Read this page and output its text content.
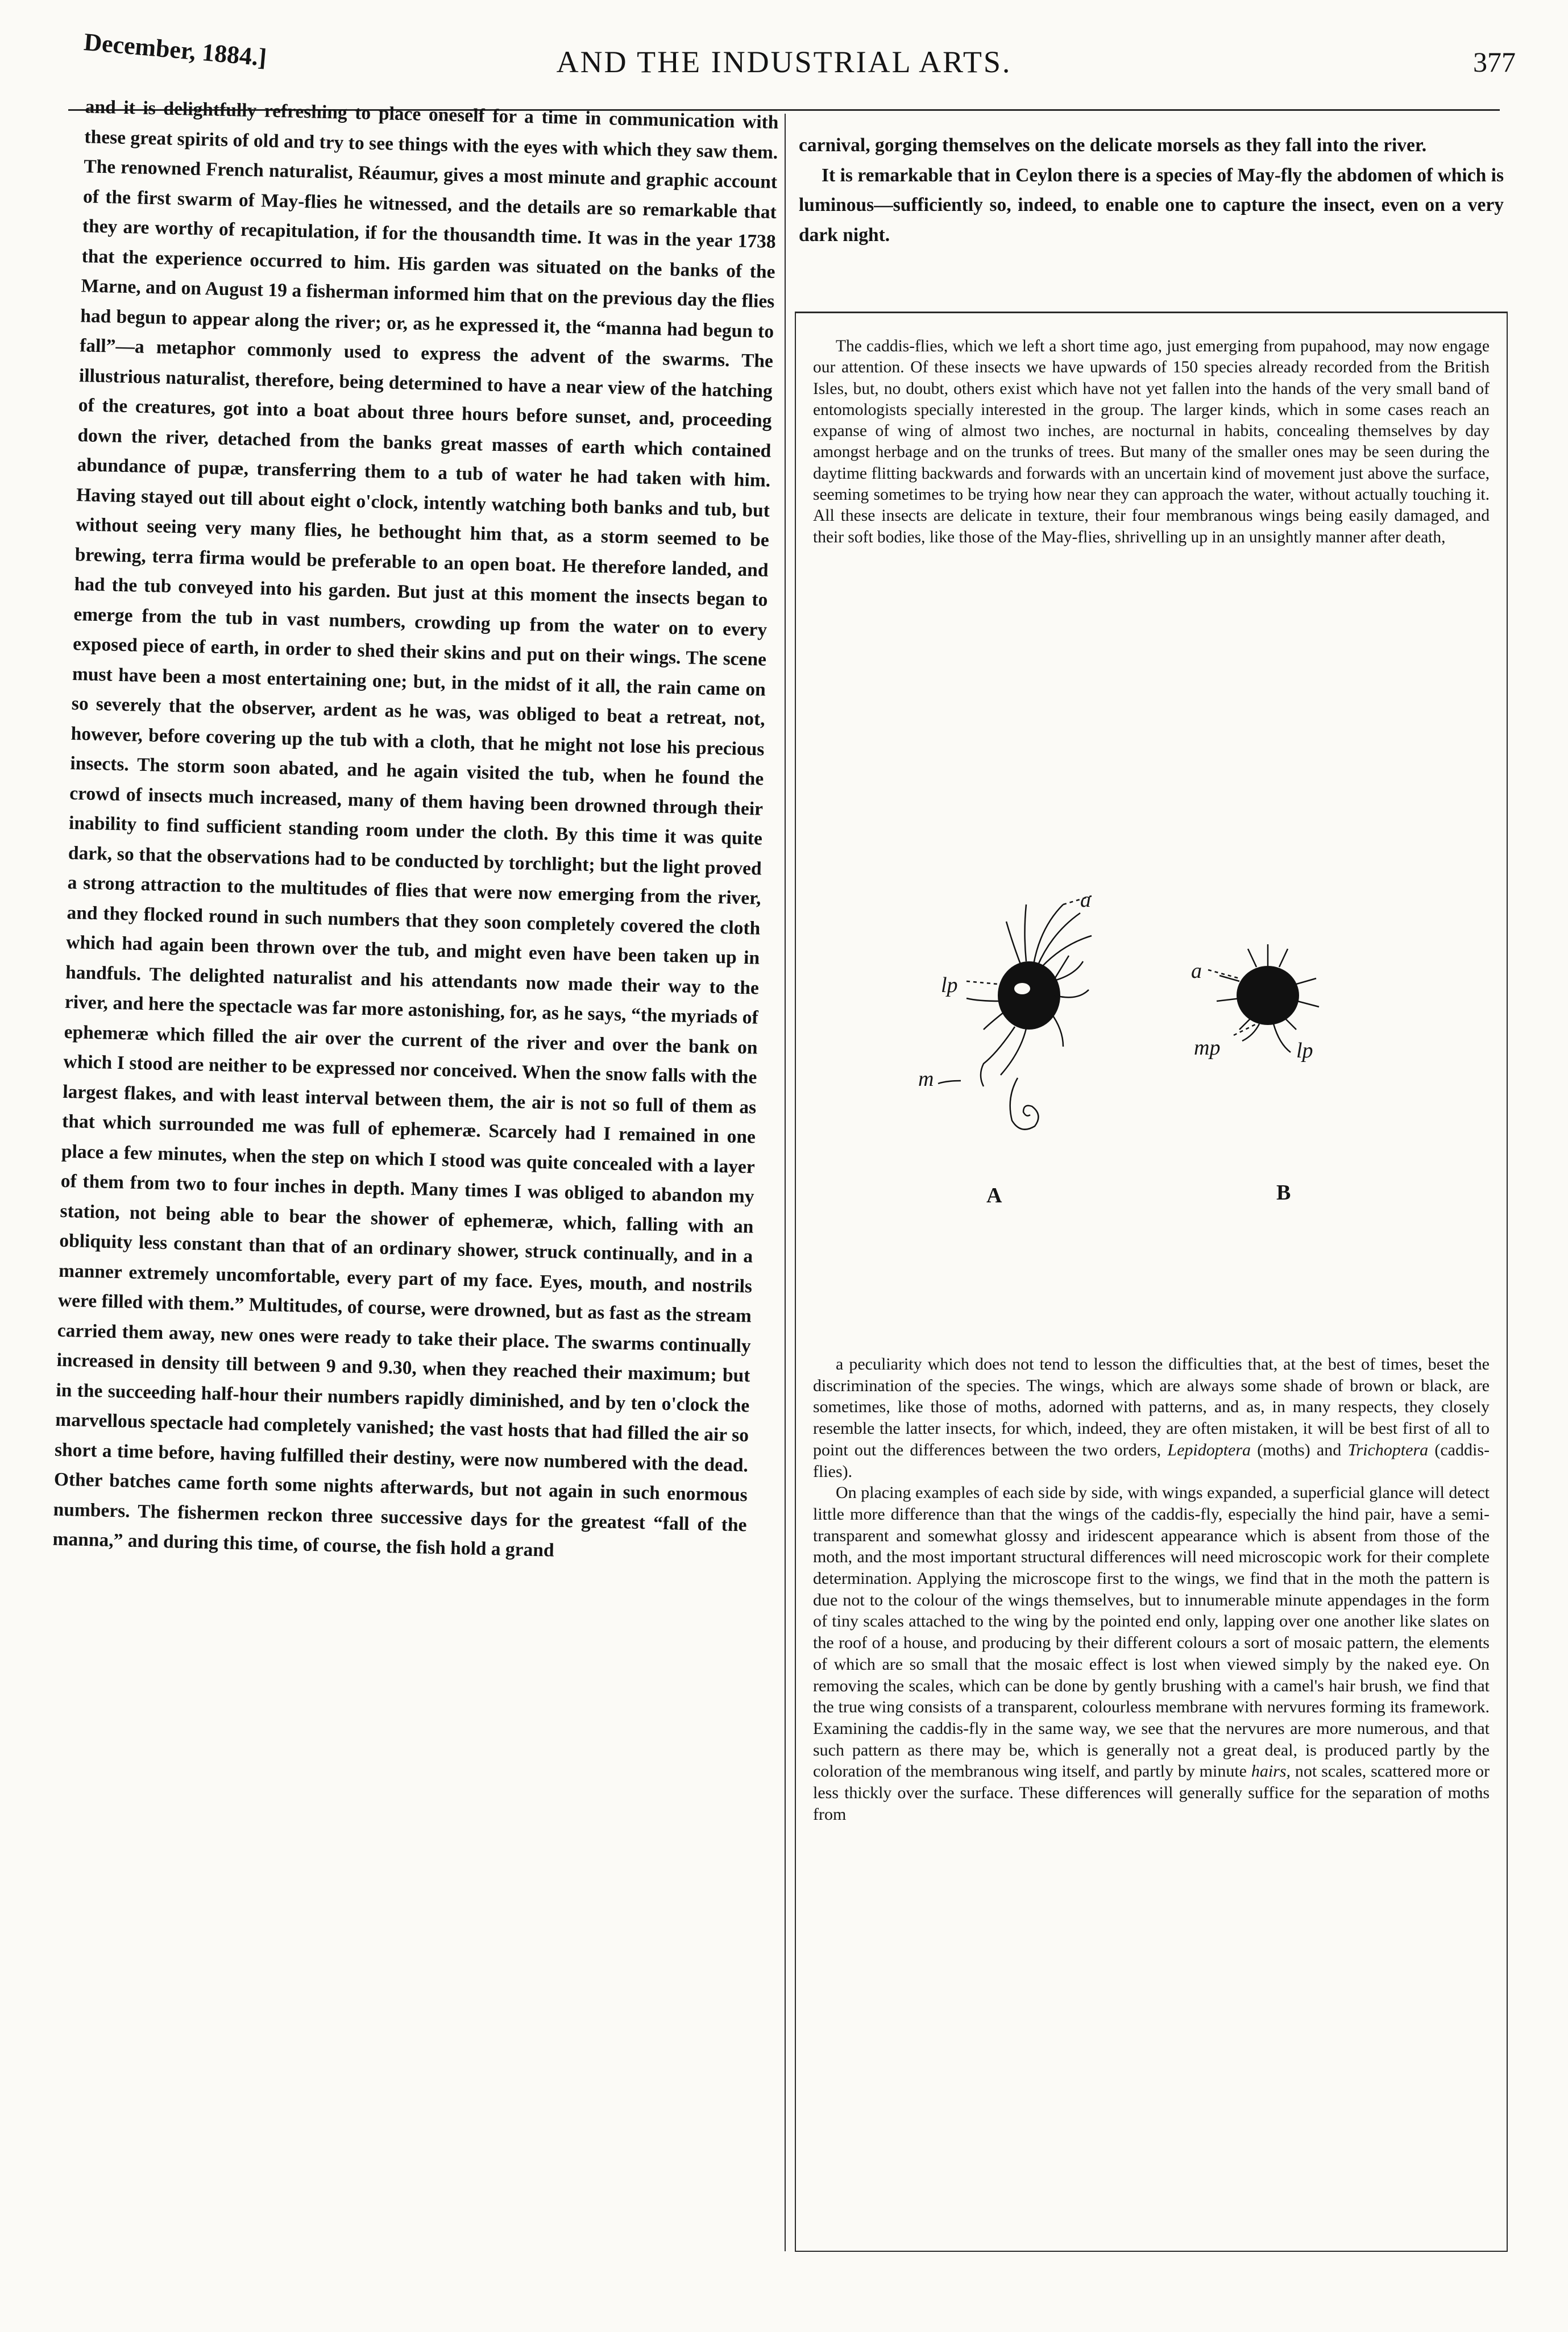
December, 1884.]	AND THE INDUSTRIAL ARTS.	377

and it is delightfully refreshing to place oneself for a time in communication with these great spirits of old and try to see things with the eyes with which they saw them. The renowned French naturalist, Réaumur, gives a most minute and graphic account of the first swarm of May-flies he witnessed, and the details are so remarkable that they are worthy of recapitulation, if for the thousandth time. It was in the year 1738 that the experience occurred to him. His garden was situated on the banks of the Marne, and on August 19 a fisherman informed him that on the previous day the flies had begun to appear along the river; or, as he expressed it, the “manna had begun to fall”—a metaphor commonly used to express the advent of the swarms. The illustrious naturalist, therefore, being determined to have a near view of the hatching of the creatures, got into a boat about three hours before sunset, and, proceeding down the river, detached from the banks great masses of earth which contained abundance of pupæ, transferring them to a tub of water he had taken with him. Having stayed out till about eight o'clock, intently watching both banks and tub, but without seeing very many flies, he bethought him that, as a storm seemed to be brewing, terra firma would be preferable to an open boat. He therefore landed, and had the tub conveyed into his garden. But just at this moment the insects began to emerge from the tub in vast numbers, crowding up from the water on to every exposed piece of earth, in order to shed their skins and put on their wings. The scene must have been a most entertaining one; but, in the midst of it all, the rain came on so severely that the observer, ardent as he was, was obliged to beat a retreat, not, however, before covering up the tub with a cloth, that he might not lose his precious insects. The storm soon abated, and he again visited the tub, when he found the crowd of insects much increased, many of them having been drowned through their inability to find sufficient standing room under the cloth. By this time it was quite dark, so that the observations had to be conducted by torchlight; but the light proved a strong attraction to the multitudes of flies that were now emerging from the river, and they flocked round in such numbers that they soon completely covered the cloth which had again been thrown over the tub, and might even have been taken up in handfuls. The delighted naturalist and his attendants now made their way to the river, and here the spectacle was far more astonishing, for, as he says, “the myriads of ephemeræ which filled the air over the current of the river and over the bank on which I stood are neither to be expressed nor conceived. When the snow falls with the largest flakes, and with least interval between them, the air is not so full of them as that which surrounded me was full of ephemeræ. Scarcely had I remained in one place a few minutes, when the step on which I stood was quite concealed with a layer of them from two to four inches in depth. Many times I was obliged to abandon my station, not being able to bear the shower of ephemeræ, which, falling with an obliquity less constant than that of an ordinary shower, struck continually, and in a manner extremely uncomfortable, every part of my face. Eyes, mouth, and nostrils were filled with them.” Multitudes, of course, were drowned, but as fast as the stream carried them away, new ones were ready to take their place. The swarms continually increased in density till between 9 and 9.30, when they reached their maximum; but in the succeeding half-hour their numbers rapidly diminished, and by ten o'clock the marvellous spectacle had completely vanished; the vast hosts that had filled the air so short a time before, having fulfilled their destiny, were now numbered with the dead. Other batches came forth some nights afterwards, but not again in such enormous numbers. The fishermen reckon three successive days for the greatest “fall of the manna,” and during this time, of course, the fish hold a grand

carnival, gorging themselves on the delicate morsels as they fall into the river.

It is remarkable that in Ceylon there is a species of May-fly the abdomen of which is luminous—sufficiently so, indeed, to enable one to capture the insect, even on a very dark night.

The caddis-flies, which we left a short time ago, just emerging from pupahood, may now engage our attention. Of these insects we have upwards of 150 species already recorded from the British Isles, but, no doubt, others exist which have not yet fallen into the hands of the very small band of entomologists specially interested in the group. The larger kinds, which in some cases reach an expanse of wing of almost two inches, are nocturnal in habits, concealing themselves by day amongst herbage and on the trunks of trees. But many of the smaller ones may be seen during the daytime flitting backwards and forwards with an uncertain kind of movement just above the surface, seeming sometimes to be trying how near they can approach the water, without actually touching it. All these insects are delicate in texture, their four membranous wings being easily damaged, and their soft bodies, like those of the May-flies, shrivelling up in an unsightly manner after death,

a
lp
m
a
mp	lp
A	B

a peculiarity which does not tend to lesson the difficulties that, at the best of times, beset the discrimination of the species. The wings, which are always some shade of brown or black, are sometimes, like those of moths, adorned with patterns, and as, in many respects, they closely resemble the latter insects, for which, indeed, they are often mistaken, it will be best first of all to point out the differences between the two orders, Lepidoptera (moths) and Trichoptera (caddis-flies).

On placing examples of each side by side, with wings expanded, a superficial glance will detect little more difference than that the wings of the caddis-fly, especially the hind pair, have a semi-transparent and somewhat glossy and iridescent appearance which is absent from those of the moth, and the most important structural differences will need microscopic work for their complete determination. Applying the microscope first to the wings, we find that in the moth the pattern is due not to the colour of the wings themselves, but to innumerable minute appendages in the form of tiny scales attached to the wing by the pointed end only, lapping over one another like slates on the roof of a house, and producing by their different colours a sort of mosaic pattern, the elements of which are so small that the mosaic effect is lost when viewed simply by the naked eye. On removing the scales, which can be done by gently brushing with a camel's hair brush, we find that the true wing consists of a transparent, colourless membrane with nervures forming its framework. Examining the caddis-fly in the same way, we see that the nervures are more numerous, and that such pattern as there may be, which is generally not a great deal, is produced partly by the coloration of the membranous wing itself, and partly by minute hairs, not scales, scattered more or less thickly over the surface. These differences will generally suffice for the separation of moths from
